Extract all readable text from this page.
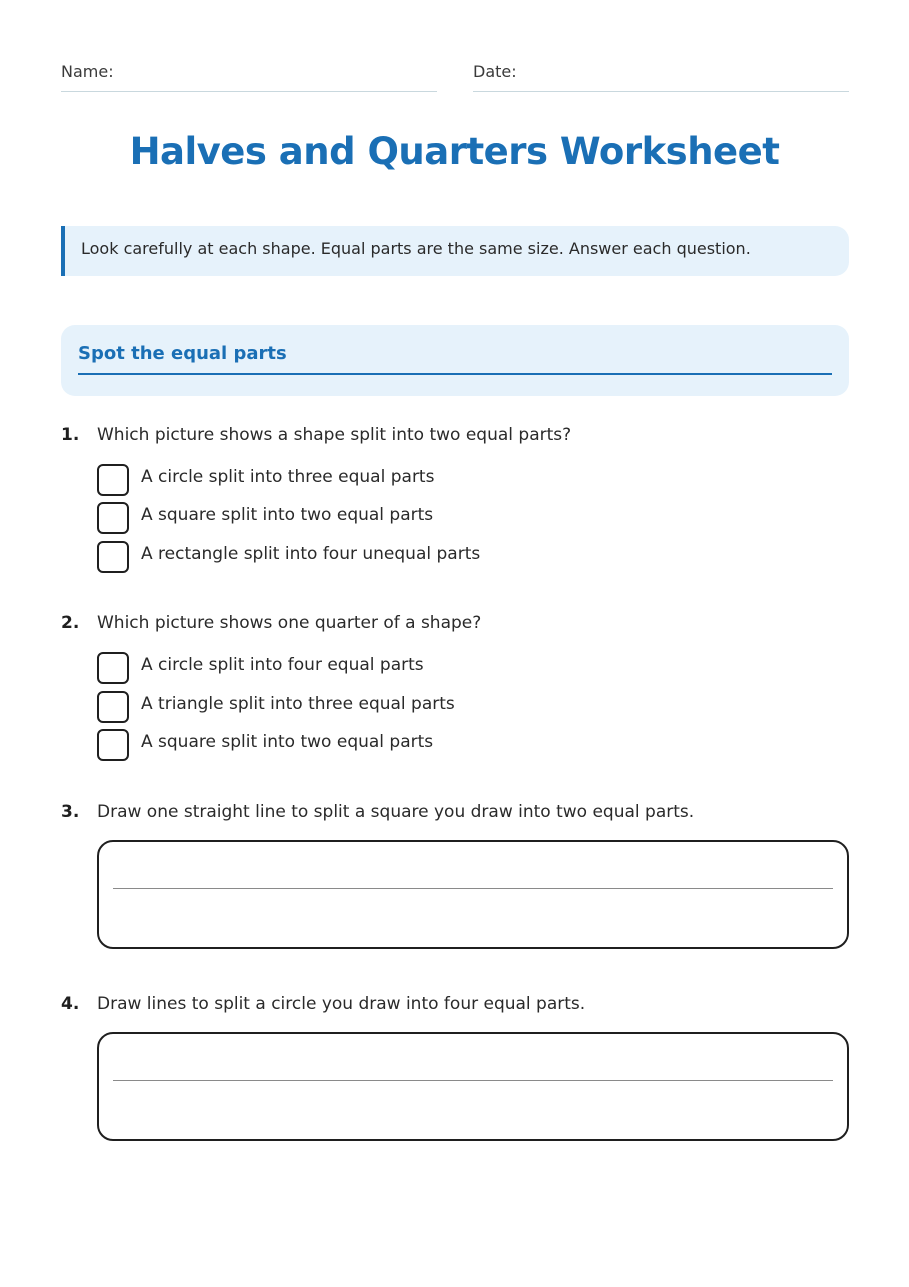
Name:	Date:
Halves and Quarters Worksheet
Look carefully at each shape. Equal parts are the same size. Answer each question.
Spot the equal parts
1. Which picture shows a shape split into two equal parts?
A circle split into three equal parts
A square split into two equal parts
A rectangle split into four unequal parts
2. Which picture shows one quarter of a shape?
A circle split into four equal parts
A triangle split into three equal parts
A square split into two equal parts
3. Draw one straight line to split a square you draw into two equal parts.
4. Draw lines to split a circle you draw into four equal parts.
